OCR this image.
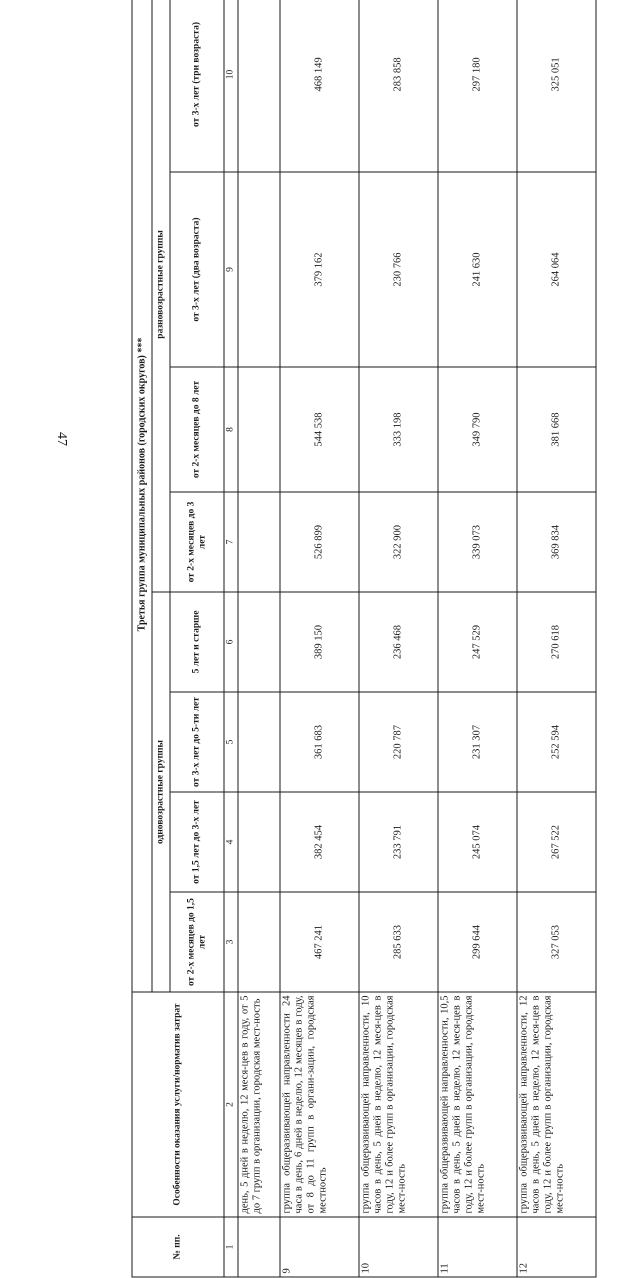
47
№ пп.	Особенности оказания услуги/норматив затрат	Третья группа муниципальных районов (городских округов) ***							
		одновозрастные группы				разновозрастные группы			
		от 2-х месяцев до 1,5 лет	от 1,5 лет до 3-х лет	от 3-х лет до 5-ти лет	5 лет и старше	от 2-х месяцев до 3 лет	от 2-х месяцев до 8 лет	от 3-х лет (два возраста)	от 3-х лет (три возраста)
1	2	3	4	5	6	7	8	9	10
	день, 5 дней в неделю, 12 меся-цев в году, от 5 до 7 групп в организации, городская мест-ность								
9	группа общеразвивающей направленности 24 часа в день, 6 дней в неделю, 12 месяцев в году, от 8 до 11 групп в органи-зации, городская местность	467 241	382 454	361 683	389 150	526 899	544 538	379 162	468 149
10	группа общеразвивающей направленности, 10 часов в день, 5 дней в неделю, 12 меся-цев в году, 12 и более групп в организации, городская мест-ность	285 633	233 791	220 787	236 468	322 900	333 198	230 766	283 858
11	группа общеразвивающей направленности, 10,5 часов в день, 5 дней в неделю, 12 меся-цев в году, 12 и более групп в организации, городская мест-ность	299 644	245 074	231 307	247 529	339 073	349 790	241 630	297 180
12	группа общеразвивающей направленности, 12 часов в день, 5 дней в неделю, 12 меся-цев в году, 12 и более групп в организации, городская мест-ность	327 053	267 522	252 594	270 618	369 834	381 668	264 064	325 051
